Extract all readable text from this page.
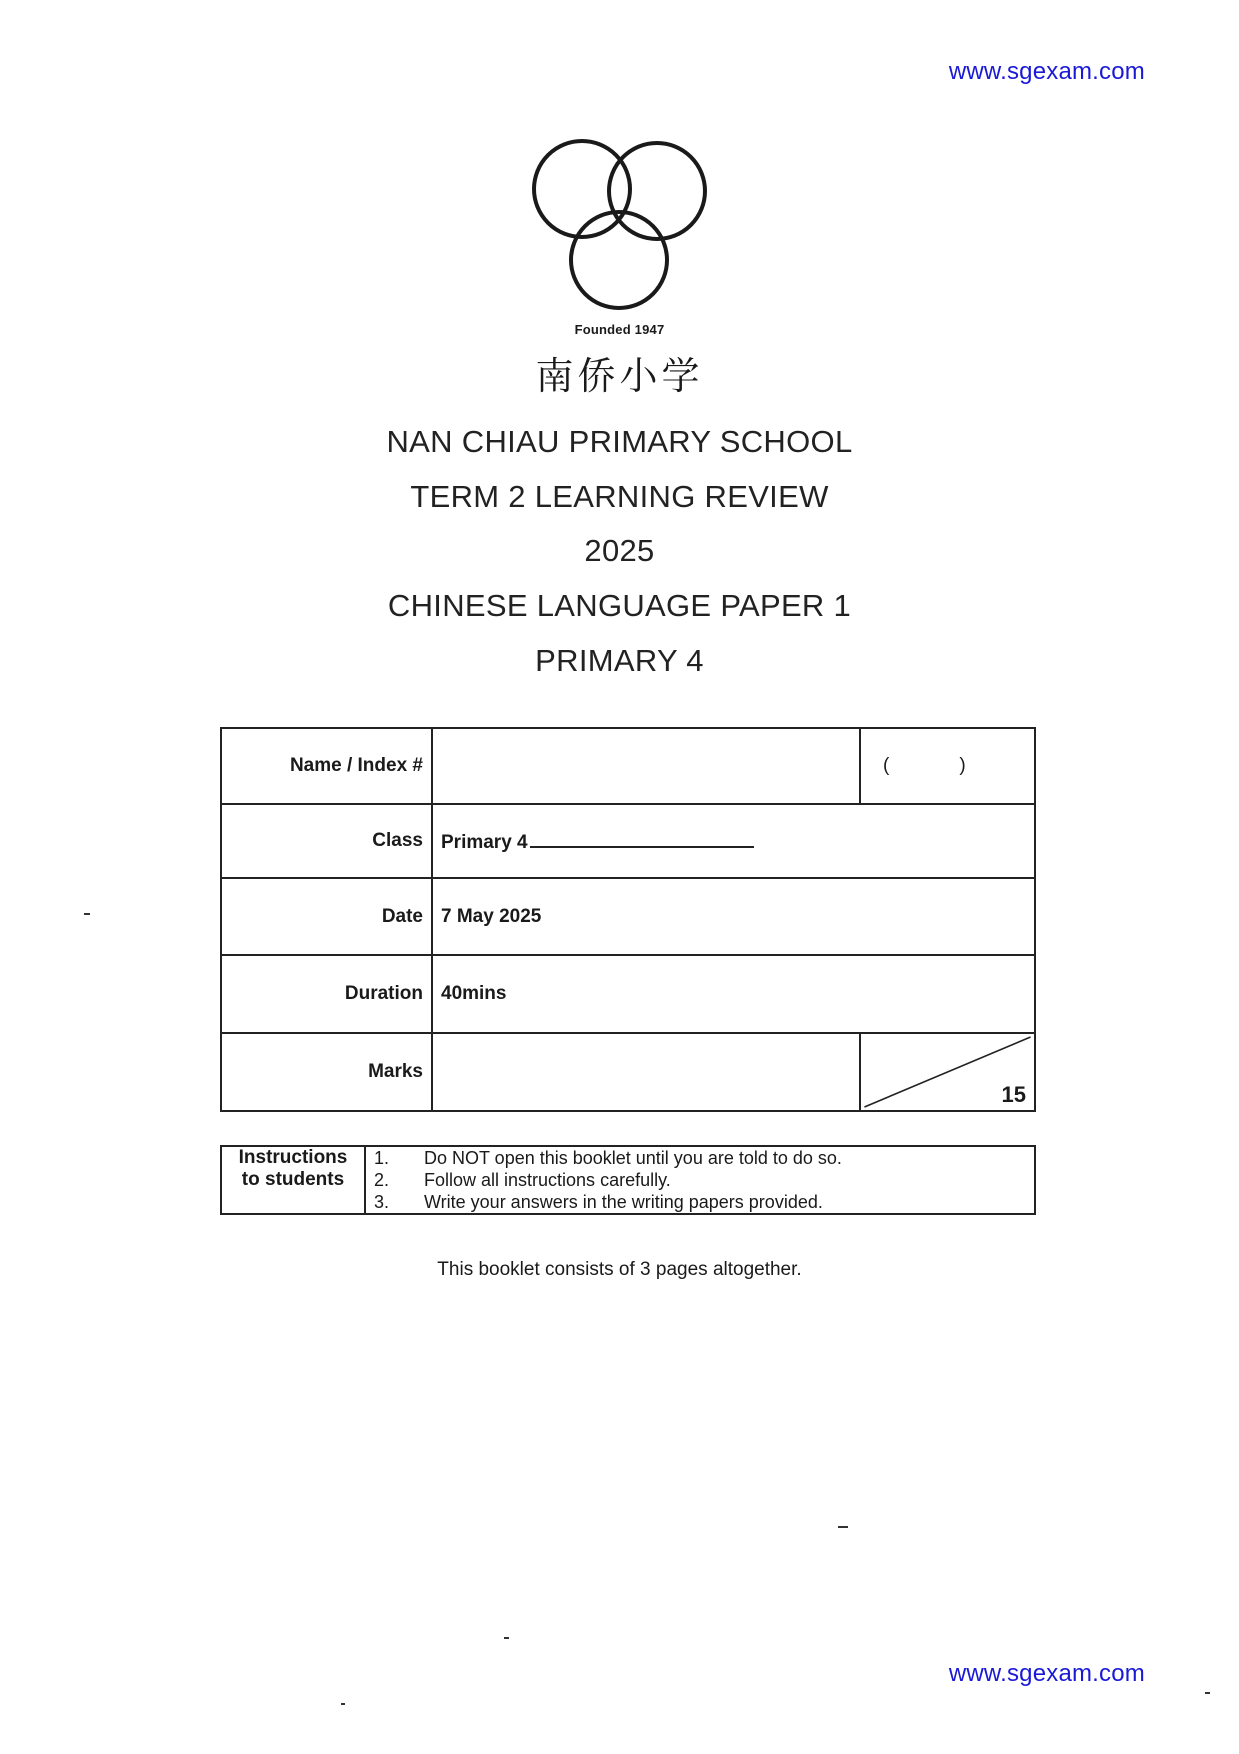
www.sgexam.com
Founded 1947
南侨小学
NAN CHIAU PRIMARY SCHOOL
TERM 2 LEARNING REVIEW
2025
CHINESE LANGUAGE PAPER 1
PRIMARY 4
Name / Index #		( )
Class	Primary 4	
Date	7 May 2025	
Duration	40mins	
Marks		15
Instructions
to students

1.	Do NOT open this booklet until you are told to do so.
2.	Follow all instructions carefully.
3.	Write your answers in the writing papers provided.
This booklet consists of 3 pages altogether.
www.sgexam.com
